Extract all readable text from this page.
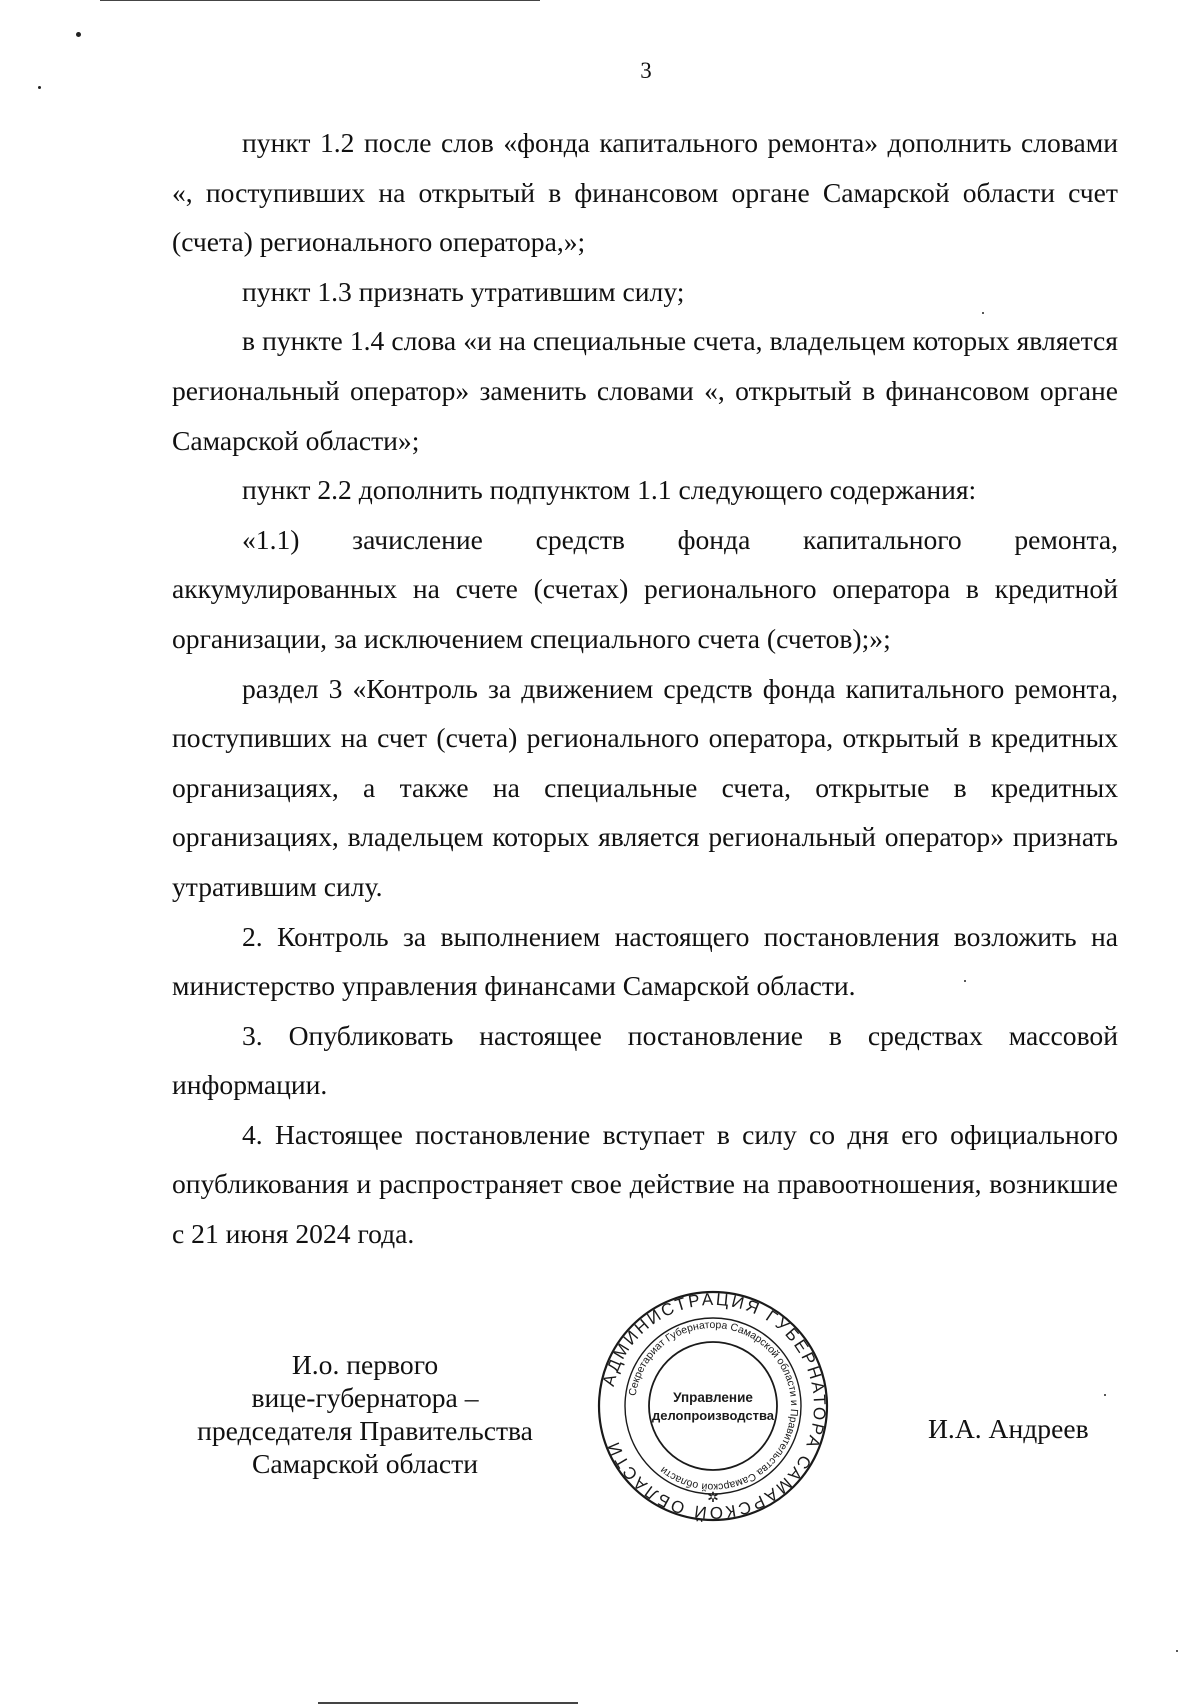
3

пункт 1.2 после слов «фонда капитального ремонта» дополнить словами «, поступивших на открытый в финансовом органе Самарской области счет (счета) регионального оператора,»;

пункт 1.3 признать утратившим силу;

в пункте 1.4 слова «и на специальные счета, владельцем которых является региональный оператор» заменить словами «, открытый в финансовом органе Самарской области»;

пункт 2.2 дополнить подпунктом 1.1 следующего содержания:

«1.1) зачисление средств фонда капитального ремонта, аккумулированных на счете (счетах) регионального оператора в кредитной организации, за исключением специального счета (счетов);»;

раздел 3 «Контроль за движением средств фонда капитального ремонта, поступивших на счет (счета) регионального оператора, открытый в кредитных организациях, а также на специальные счета, открытые в кредитных организациях, владельцем которых является региональный оператор» признать утратившим силу.

2. Контроль за выполнением настоящего постановления возложить на министерство управления финансами Самарской области.

3. Опубликовать настоящее постановление в средствах массовой информации.

4. Настоящее постановление вступает в силу со дня его официального опубликования и распространяет свое действие на правоотношения, возникшие с 21 июня 2024 года.

И.о. первого
вице-губернатора –
председателя Правительства
Самарской области
АДМИНИСТРАЦИЯ ГУБЕРНАТОРА САМАРСКОЙ ОБЛАСТИ
Секретариат Губернатора Самарской области и Правительства Самарской области
Управление
делопроизводства
✲
И.А. Андреев
